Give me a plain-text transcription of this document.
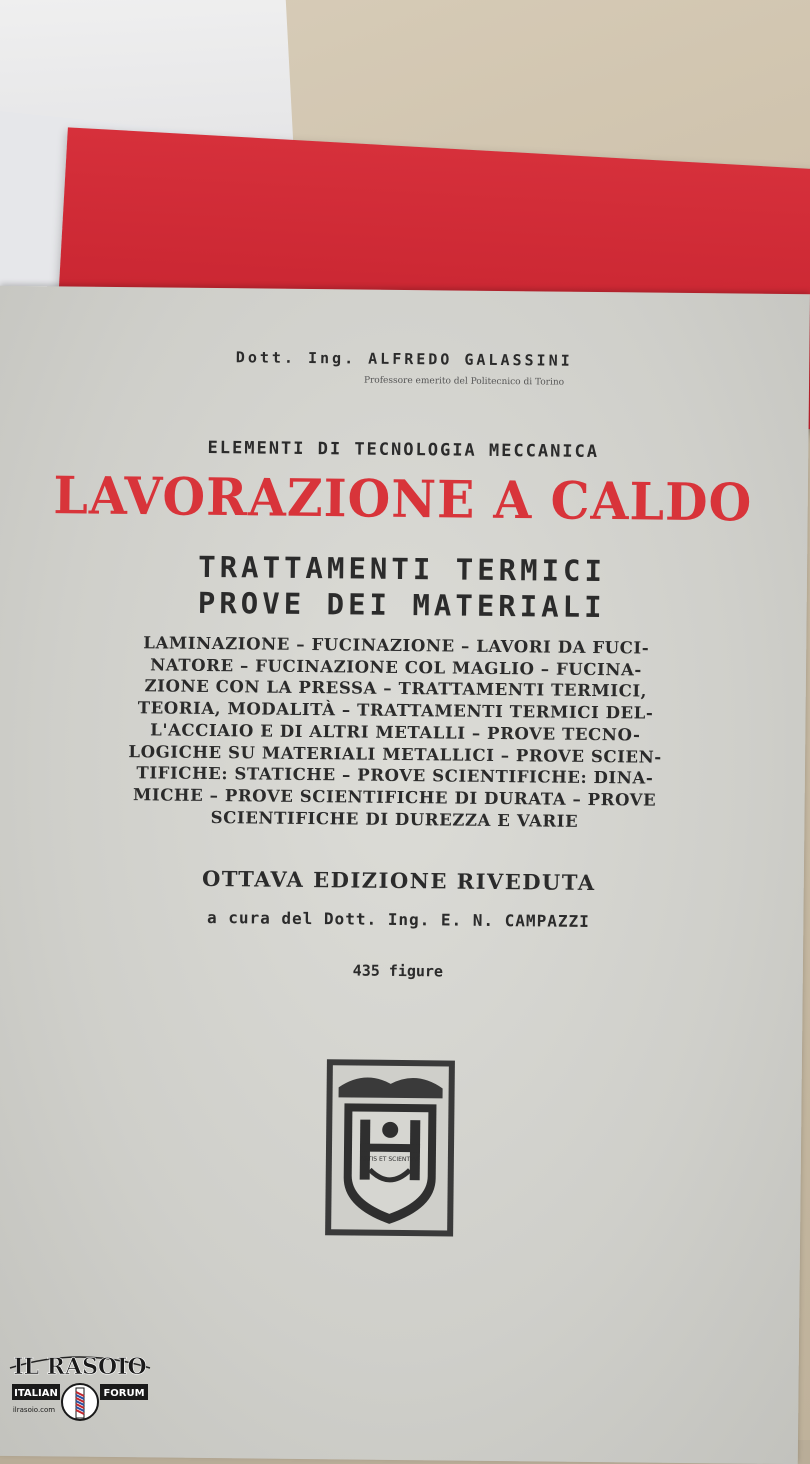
Dott. Ing. ALFREDO GALASSINI
Professore emerito del Politecnico di Torino
ELEMENTI DI TECNOLOGIA MECCANICA
LAVORAZIONE A CALDO
TRATTAMENTI TERMICI
PROVE DEI MATERIALI
LAMINAZIONE – FUCINAZIONE – LAVORI DA FUCI-
NATORE – FUCINAZIONE COL MAGLIO – FUCINA-
ZIONE CON LA PRESSA – TRATTAMENTI TERMICI,
TEORIA, MODALITÀ – TRATTAMENTI TERMICI DEL-
L'ACCIAIO E DI ALTRI METALLI – PROVE TECNO-
LOGICHE SU MATERIALI METALLICI – PROVE SCIEN-
TIFICHE: STATICHE – PROVE SCIENTIFICHE: DINA-
MICHE – PROVE SCIENTIFICHE DI DURATA – PROVE
SCIENTIFICHE DI DUREZZA E VARIE
OTTAVA EDIZIONE RIVEDUTA
a cura del Dott. Ing. E. N. CAMPAZZI
435 figure
ARTIS ET SCIENTIAE
IL RASOIO
ITALIAN	FORUM
ilrasoio.com
